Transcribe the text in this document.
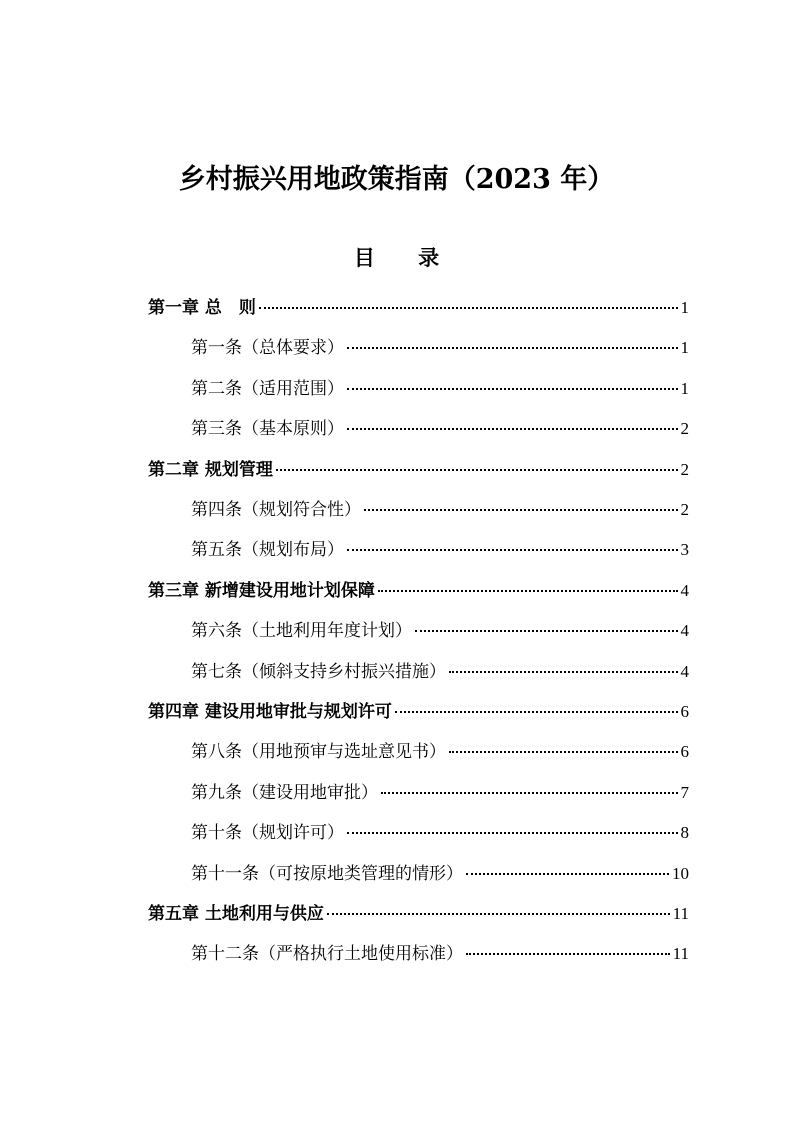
乡村振兴用地政策指南（2023 年）
目 录
第一章 总　则	1
第一条（总体要求）	1
第二条（适用范围）	1
第三条（基本原则）	2
第二章 规划管理	2
第四条（规划符合性）	2
第五条（规划布局）	3
第三章 新增建设用地计划保障	4
第六条（土地利用年度计划）	4
第七条（倾斜支持乡村振兴措施）	4
第四章 建设用地审批与规划许可	6
第八条（用地预审与选址意见书）	6
第九条（建设用地审批）	7
第十条（规划许可）	8
第十一条（可按原地类管理的情形）	10
第五章 土地利用与供应	11
第十二条（严格执行土地使用标准）	11
